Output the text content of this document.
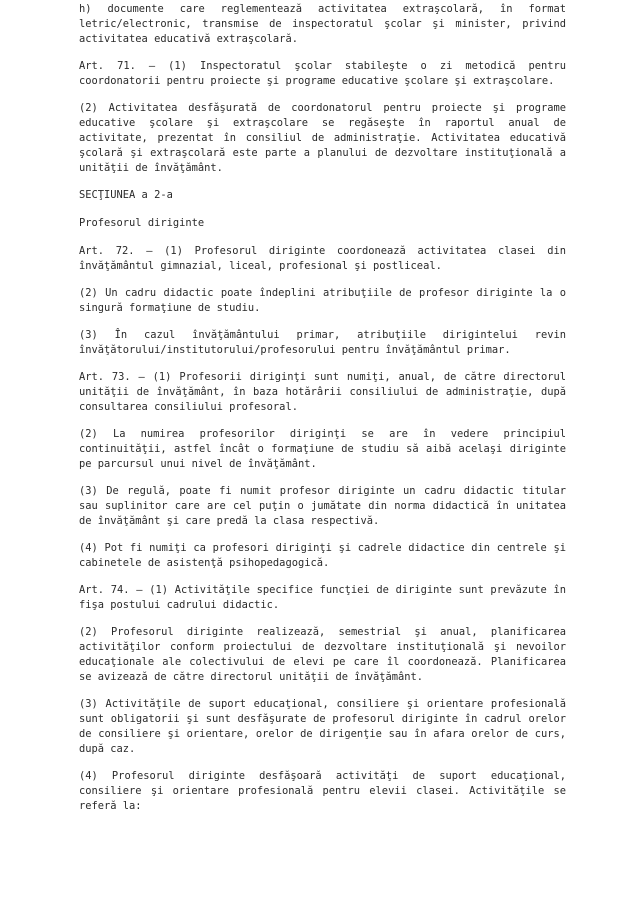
h) documente care reglementează activitatea extraşcolară, în format letric/electronic, transmise de inspectoratul şcolar şi minister, privind activitatea educativă extraşcolară.

Art. 71. — (1) Inspectoratul şcolar stabileşte o zi metodică pentru coordonatorii pentru proiecte şi programe educative şcolare şi extraşcolare.

(2) Activitatea desfăşurată de coordonatorul pentru proiecte şi programe educative şcolare şi extraşcolare se regăseşte în raportul anual de activitate, prezentat în consiliul de administraţie. Activitatea educativă şcolară şi extraşcolară este parte a planului de dezvoltare instituţională a unităţii de învăţământ.

SECŢIUNEA a 2-a

Profesorul diriginte

Art. 72. — (1) Profesorul diriginte coordonează activitatea clasei din învăţământul gimnazial, liceal, profesional şi postliceal.

(2) Un cadru didactic poate îndeplini atribuţiile de profesor diriginte la o singură formaţiune de studiu.

(3) În cazul învăţământului primar, atribuţiile dirigintelui revin învăţătorului/institutorului/profesorului pentru învăţământul primar.

Art. 73. — (1) Profesorii diriginţi sunt numiţi, anual, de către directorul unităţii de învăţământ, în baza hotărârii consiliului de administraţie, după consultarea consiliului profesoral.

(2) La numirea profesorilor diriginţi se are în vedere principiul continuităţii, astfel încât o formaţiune de studiu să aibă acelaşi diriginte pe parcursul unui nivel de învăţământ.

(3) De regulă, poate fi numit profesor diriginte un cadru didactic titular sau suplinitor care are cel puţin o jumătate din norma didactică în unitatea de învăţământ şi care predă la clasa respectivă.

(4) Pot fi numiţi ca profesori diriginţi şi cadrele didactice din centrele şi cabinetele de asistenţă psihopedagogică.

Art. 74. — (1) Activităţile specifice funcţiei de diriginte sunt prevăzute în fişa postului cadrului didactic.

(2) Profesorul diriginte realizează, semestrial şi anual, planificarea activităţilor conform proiectului de dezvoltare instituţională şi nevoilor educaţionale ale colectivului de elevi pe care îl coordonează. Planificarea se avizează de către directorul unităţii de învăţământ.

(3) Activităţile de suport educaţional, consiliere şi orientare profesională sunt obligatorii şi sunt desfăşurate de profesorul diriginte în cadrul orelor de consiliere şi orientare, orelor de dirigenţie sau în afara orelor de curs, după caz.

(4) Profesorul diriginte desfăşoară activităţi de suport educaţional, consiliere şi orientare profesională pentru elevii clasei. Activităţile se referă la:
